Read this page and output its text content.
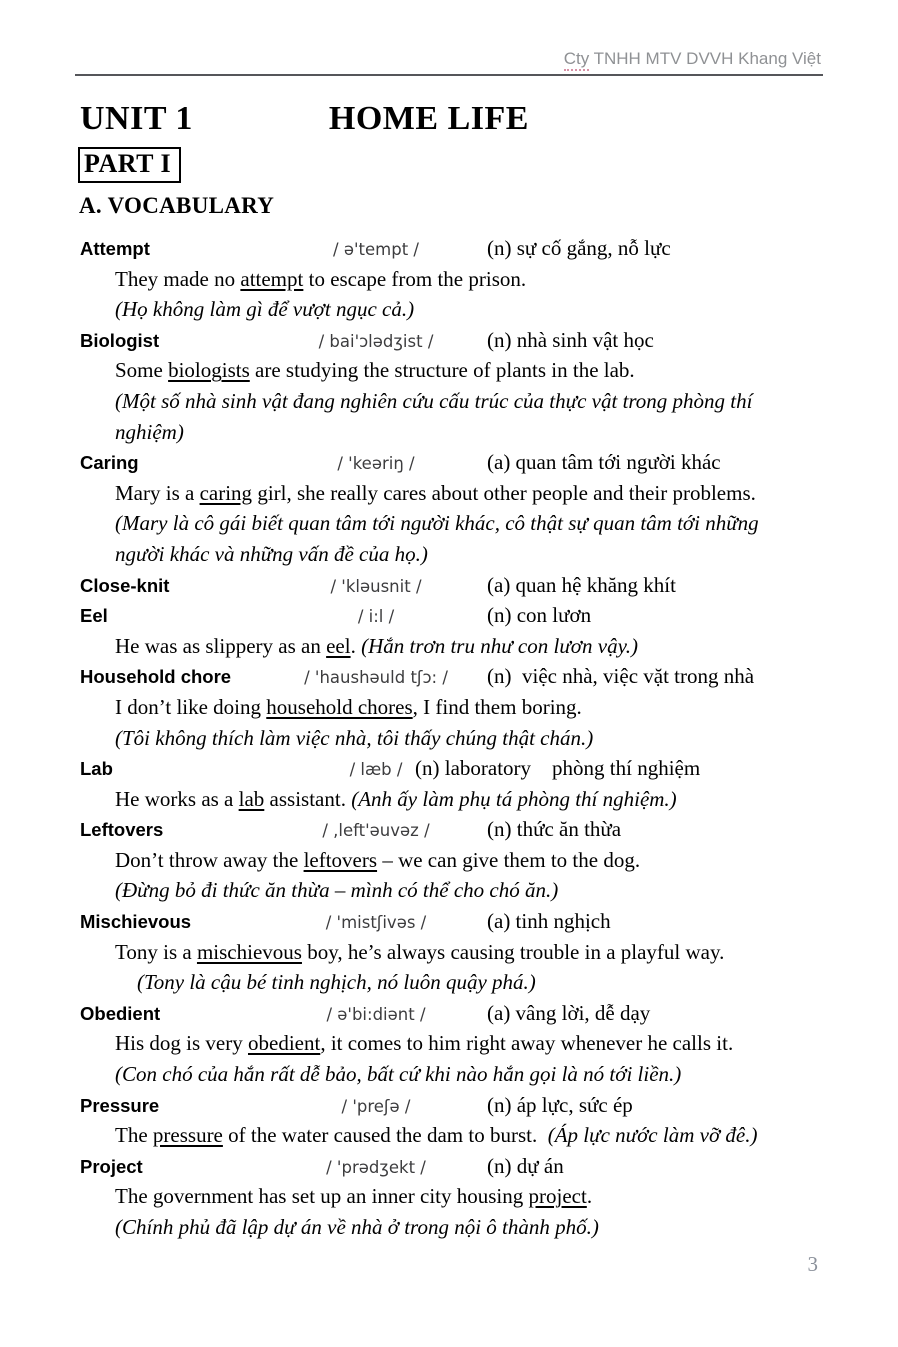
Cty TNHH MTV DVVH Khang Việt
UNIT 1	HOME LIFE
PART I
A. VOCABULARY
Attempt	/ ə'tempt /	(n) sự cố gắng, nỗ lực
They made no attempt to escape from the prison.
(Họ không làm gì để vượt ngục cả.)
Biologist	/ bai'ɔlədʒist /	(n) nhà sinh vật học
Some biologists are studying the structure of plants in the lab.
(Một số nhà sinh vật đang nghiên cứu cấu trúc của thực vật trong phòng thí
nghiệm)
Caring	/ 'keəriŋ /	(a) quan tâm tới người khác
Mary is a caring girl, she really cares about other people and their problems.
(Mary là cô gái biết quan tâm tới người khác, cô thật sự quan tâm tới những
người khác và những vấn đề của họ.)
Close-knit	/ 'kləusnit /	(a) quan hệ khăng khít
Eel	/ i:l /	(n) con lươn
He was as slippery as an eel. (Hắn trơn tru như con lươn vậy.)
Household chore	/ 'haushəuld tʃɔ: /	(n)  việc nhà, việc vặt trong nhà
I don’t like doing household chores, I find them boring.
(Tôi không thích làm việc nhà, tôi thấy chúng thật chán.)
Lab	/ læb / (n) laboratory    phòng thí nghiệm
He works as a lab assistant. (Anh ấy làm phụ tá phòng thí nghiệm.)
Leftovers	/ ,left'əuvəz /	(n) thức ăn thừa
Don’t throw away the leftovers – we can give them to the dog.
(Đừng bỏ đi thức ăn thừa – mình có thể cho chó ăn.)
Mischievous	/ 'mistʃivəs /	(a) tinh nghịch
Tony is a mischievous boy, he’s always causing trouble in a playful way.
(Tony là cậu bé tinh nghịch, nó luôn quậy phá.)
Obedient	/ ə'bi:diənt /	(a) vâng lời, dễ dạy
His dog is very obedient, it comes to him right away whenever he calls it.
(Con chó của hắn rất dễ bảo, bất cứ khi nào hắn gọi là nó tới liền.)
Pressure	/ 'preʃə /	(n) áp lực, sức ép
The pressure of the water caused the dam to burst.  (Áp lực nước làm vỡ đê.)
Project	/ 'prədʒekt /	(n) dự án
The government has set up an inner city housing project.
(Chính phủ đã lập dự án về nhà ở trong nội ô thành phố.)
3
